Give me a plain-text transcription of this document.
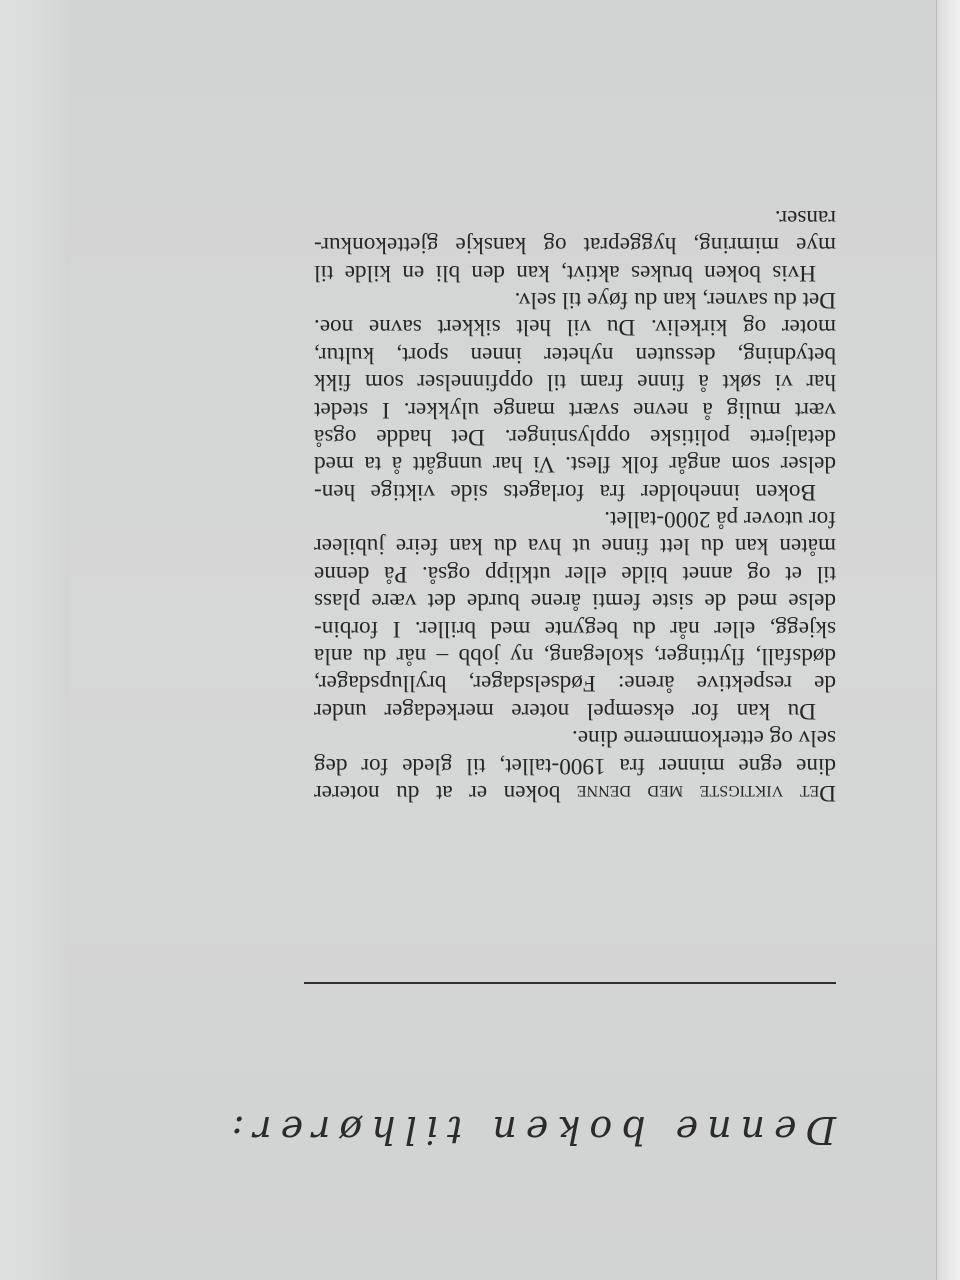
Denne boken tilhører:
Det viktigste med denne boken er at du noterer
dine egne minner fra 1900-tallet, til glede for deg
selv og etterkommerne dine.
Du kan for eksempel notere merkedager under
de respektive årene: Fødselsdager, bryllupsdager,
dødsfall, flyttinger, skolegang, ny jobb – når du anla
skjegg, eller når du begynte med briller. I forbin-
delse med de siste femti årene burde det være plass
til et og annet bilde eller utklipp også. På denne
måten kan du lett finne ut hva du kan feire jubileer
for utover på 2000-tallet.
Boken inneholder fra forlagets side viktige hen-
delser som angår folk flest. Vi har unngått å ta med
detaljerte politiske opplysninger. Det hadde også
vært mulig å nevne svært mange ulykker. I stedet
har vi søkt å finne fram til oppfinnelser som fikk
betydning, dessuten nyheter innen sport, kultur,
moter og kirkeliv. Du vil helt sikkert savne noe.
Det du savner, kan du føye til selv.
Hvis boken brukes aktivt, kan den bli en kilde til
mye mimring, hyggeprat og kanskje gjettekonkur-
ranser.
